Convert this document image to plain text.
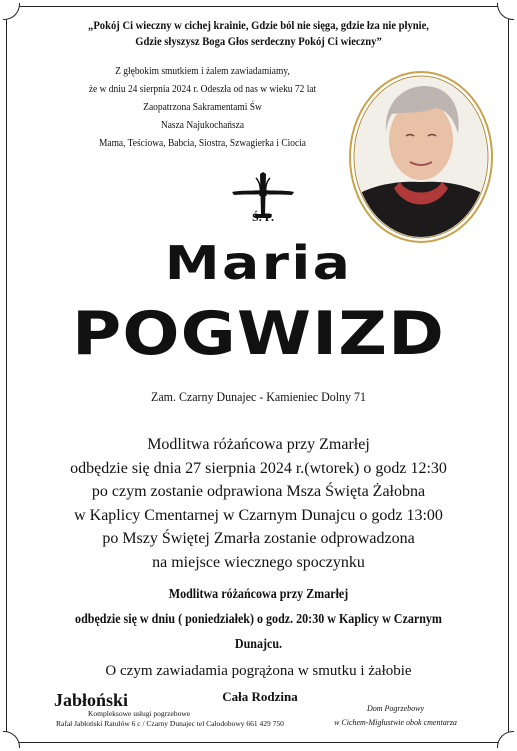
„Pokój Ci wieczny w cichej krainie, Gdzie ból nie sięga, gdzie łza nie płynie,
Gdzie słyszysz Boga Głos serdeczny Pokój Ci wieczny”
Z głębokim smutkiem i żalem zawiadamiamy,
że w dniu 24 sierpnia 2024 r. Odeszła od nas w wieku 72 lat
Zaopatrzona Sakramentami Św
Nasza Najukochańsza
Mama, Teściowa, Babcia, Siostra, Szwagierka i Ciocia
Ś. P.
Maria
POGWIZD
Zam. Czarny Dunajec - Kamieniec Dolny 71
Modlitwa różańcowa przy Zmarłej
odbędzie się dnia 27 sierpnia 2024 r.(wtorek) o godz 12:30
po czym zostanie odprawiona Msza Święta Żałobna
w Kaplicy Cmentarnej w Czarnym Dunajcu o godz 13:00
po Mszy Świętej Zmarła zostanie odprowadzona
na miejsce wiecznego spoczynku
Modlitwa różańcowa przy Zmarłej
odbędzie się w dniu ( poniedziałek) o godz. 20:30 w Kaplicy w Czarnym Dunajcu.
O czym zawiadamia pogrążona w smutku i żałobie
Cała Rodzina
Jabłoński
Kompleksowe usługi pogrzebowe
Rafał Jabłoński Ratułów 6 c / Czarny Dunajec tel Całodobowy 661 429 750
Dom Pogrzebowy
w Cichem-Migłustwie obok cmentarza
